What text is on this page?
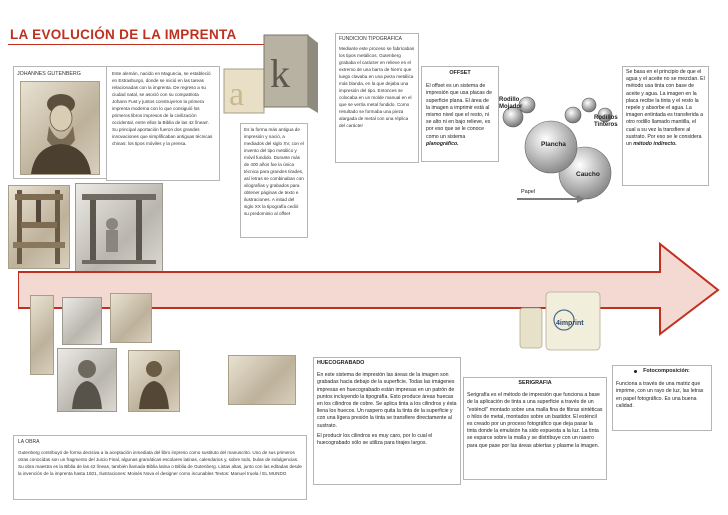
LA EVOLUCIÓN DE LA IMPRENTA
JOHANNES GUTENBERG	Este alemán, nacido en Maguncia, se estableció en Estrasburgo, donde se inició en las tareas relacionadas con la imprenta. De regreso a su ciudad natal, se asoció con su compatriota Johann Fust y juntos construyeron la primera imprenta moderna con lo que consiguió los primeros libros impresos de la civilización occidental, entre ellos la Biblia de las 42 líneas'. Su principal aportación fueron dos grandes innovaciones que simplificaban antiguas técnicas chinas: los tipos móviles y la prensa.
Es la forma más antigua de impresión y nació, a mediados del siglo XV, con el invento del tipo metálico y móvil fundido. Durante más de 400 años fue la única técnica para grandes tirades, así letras se combinaban con xilografías y grabados para obtener páginas de texto e ilustraciones. A initad del siglo XX la tipografía cedió su predominio al offset
a k
FUNDICION TIPOGRAFICA
Mediante este proceso se fabricaban los tipos metálicos. Gutenberg grababa el carácter en relieve en el extremo de una barra de hierro que luego clavaba en una pieza metálica más blanda, en la que dejaba una impresión del tipo. Entonces se colocaba en un molde manual en el que se vertía metal fundido. Como resultado se formaba una pieza alargada de metal con una réplica del carácter
OFFSET
El offset es un sistema de impresión que usa placas de superficie plana. El área de la imagen a imprimir está al mismo nivel que el resto, ni se alto ni en bajo relieve, es por eso que se le conoce como un sistema planográfico.
Rodillo Mojador
Rodillos Tinteros
Plancha
Caucho
Papel
Se basa en el principio de que el agua y el aceite no se mezclan. El método usa tinta con base de aceite y agua. La imagen en la placa recibe la tinta y el resto la repele y absorbe el agua. La imagen entintada es transferida a otro rodillo llamado mantilla, el cual a su vez la transfiere al sustrato. Por eso se le considera un método indirecto.
4imprint
HUECOGRABADO
En este sistema de impresión las áreas de la imagen son grabadas hacia debajo de la superficie. Todas las imágenes impresas en huecograbado están impresas en un patrón de puntos incluyendo la tipografía. Esto produce áreas huecas en los cilindros de cobre. Se aplica tinta a los cilindros y ésta llena los huecos. Un raspero quita la tinta de la superficie y con una lígera presión la tinta se transfiere directamente al sustrato.
El producir los cilindros es muy caro, por lo cual el huecograbado sólo se utiliza para tirajes largos.
SERIGRAFIA
Serigrafía es el método de impresión que funciona a base de la aplicación de tinta a una superficie a través de un "esténcil" montado sobre una malla fina de fibras sintéticas o hilos de metal, montados sobre un bastidor. El esténcil es creado por un proceso fotográfico que deja pasar la tinta donde la emulsión ha sido expuesta a la luz. La tinta se esparce sobre la malla y se distribuye con un rasero para que pase por las áreas abiertas y plasme la imagen.
Fotocomposición:
Funciona a través de una matriz que imprime, con un rayo de luz, las letras en papel fotográfico. Es una buena calidad.
LA OBRA
Gutenberg contribuyó de forma decisiva a la aceptación inmediata del libro impreso como sustituto del manuscrito. Uno de sus primeros otras conocidas son un fragmento del Juicio Final, algunas gramáticas escolares latinas, calendarios y, sobre todo, bulas de indulgencias. Su obra maestra es la Biblia de las 42 líneas, también llamada Biblia latina o Biblia de Gutenberg. Listas altas, junto con las editadas desde la invención de la imprenta hasta 1501, Ilustraciones: Moisés Nova el designer como incunables Textos: Manuel Iruela / EL MUNDO
